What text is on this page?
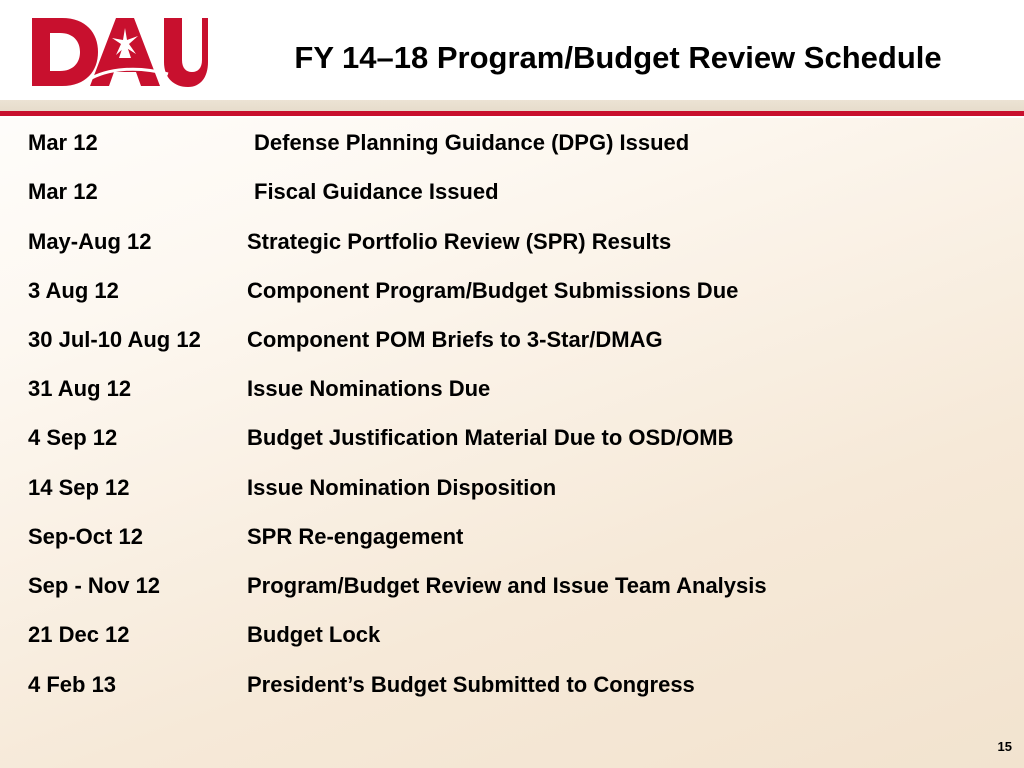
FY 14–18 Program/Budget Review Schedule
Mar 12	Defense Planning Guidance (DPG) Issued
Mar 12	Fiscal Guidance Issued
May-Aug 12	Strategic Portfolio Review (SPR) Results
3 Aug 12	Component Program/Budget Submissions Due
30 Jul-10 Aug 12 Component POM Briefs to 3-Star/DMAG
31 Aug 12	Issue Nominations Due
4 Sep 12	Budget Justification Material Due to OSD/OMB
14 Sep 12	Issue Nomination Disposition
Sep-Oct 12	SPR Re-engagement
Sep - Nov 12	Program/Budget Review and Issue Team Analysis
21 Dec 12	Budget Lock
4 Feb 13	President’s Budget Submitted to Congress
15
